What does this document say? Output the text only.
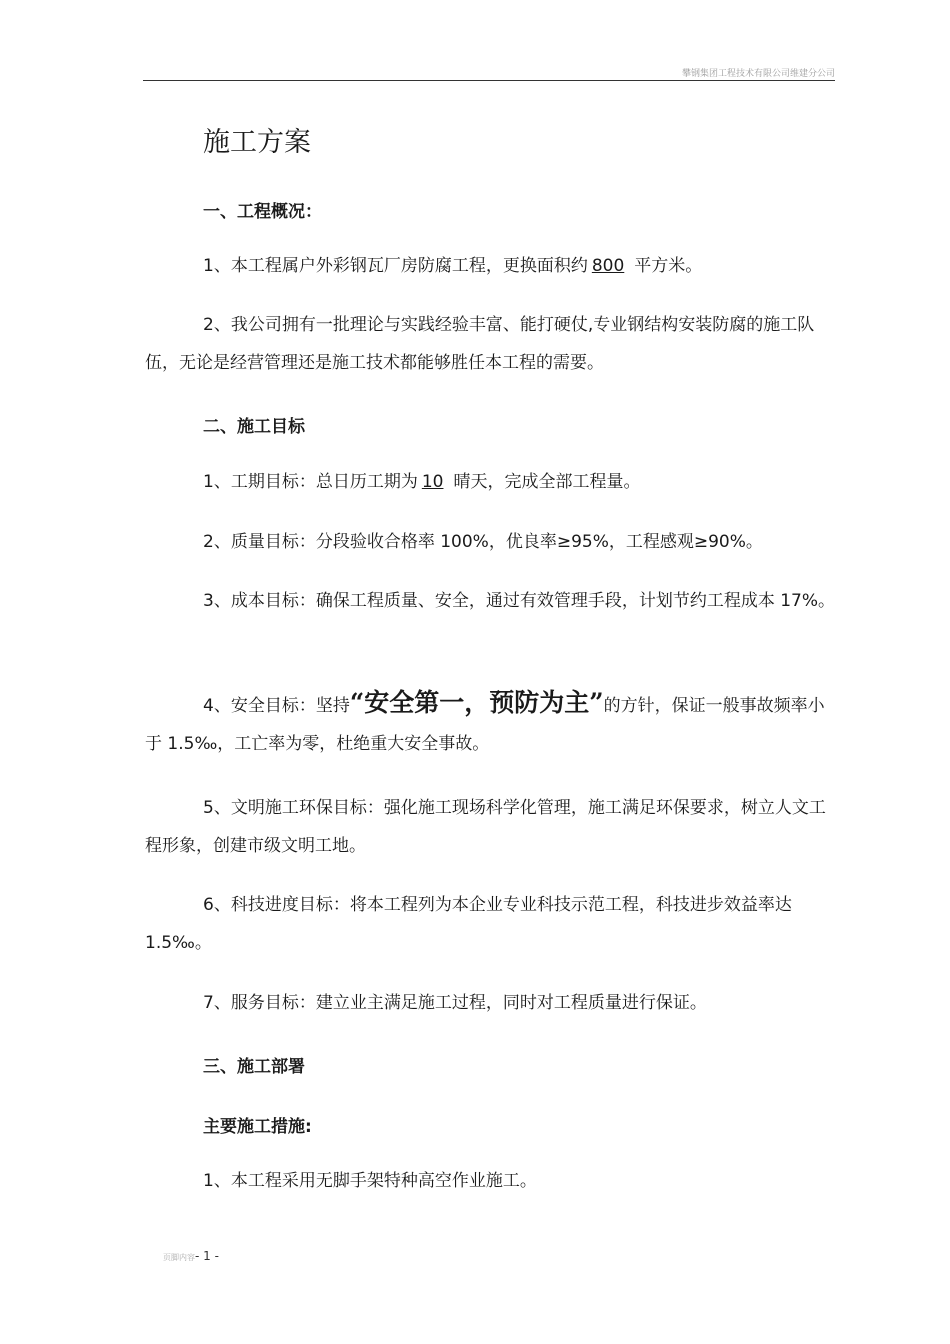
攀钢集团工程技术有限公司维建分公司
施工方案
一、工程概况：
1、本工程属户外彩钢瓦厂房防腐工程，更换面积约 800 平方米。
2、我公司拥有一批理论与实践经验丰富、能打硬仗,专业钢结构安装防腐的施工队伍，无论是经营管理还是施工技术都能够胜任本工程的需要。
二、施工目标
1、工期目标：总日历工期为 10 晴天，完成全部工程量。
2、质量目标：分段验收合格率 100%，优良率≥95%，工程感观≥90%。
3、成本目标：确保工程质量、安全，通过有效管理手段，计划节约工程成本 17%。
4、安全目标：坚持“安全第一，预防为主”的方针，保证一般事故频率小于 1.5‰，工亡率为零，杜绝重大安全事故。
5、文明施工环保目标：强化施工现场科学化管理，施工满足环保要求，树立人文工程形象，创建市级文明工地。
6、科技进度目标：将本工程列为本企业专业科技示范工程，科技进步效益率达 1.5‰。
7、服务目标：建立业主满足施工过程，同时对工程质量进行保证。
三、施工部署
主要施工措施:
1、本工程采用无脚手架特种高空作业施工。
页脚内容- 1 -
